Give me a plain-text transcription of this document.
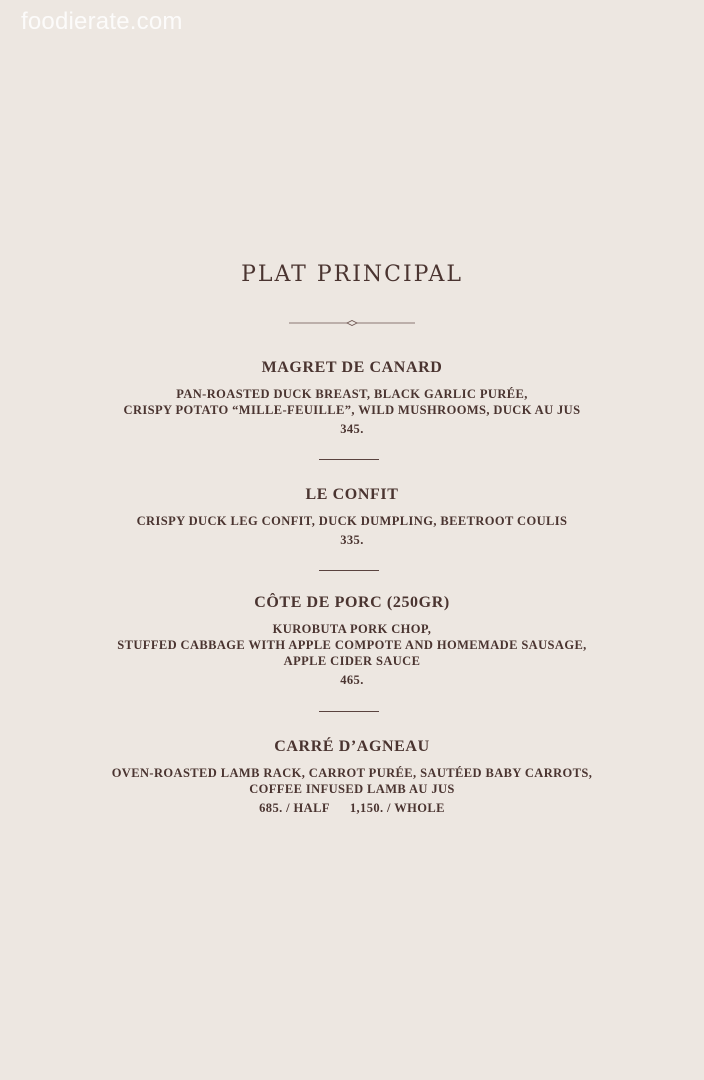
foodierate.com
PLAT PRINCIPAL
MAGRET DE CANARD
PAN-ROASTED DUCK BREAST, BLACK GARLIC PURÉE,
CRISPY POTATO “MILLE-FEUILLE”, WILD MUSHROOMS, DUCK AU JUS
345.
LE CONFIT
CRISPY DUCK LEG CONFIT, DUCK DUMPLING, BEETROOT COULIS
335.
CÔTE DE PORC (250GR)
KUROBUTA PORK CHOP,
STUFFED CABBAGE WITH APPLE COMPOTE AND HOMEMADE SAUSAGE,
APPLE CIDER SAUCE
465.
CARRÉ D’AGNEAU
OVEN-ROASTED LAMB RACK, CARROT PURÉE, SAUTÉED BABY CARROTS,
COFFEE INFUSED LAMB AU JUS
685. / HALF 1,150. / WHOLE
